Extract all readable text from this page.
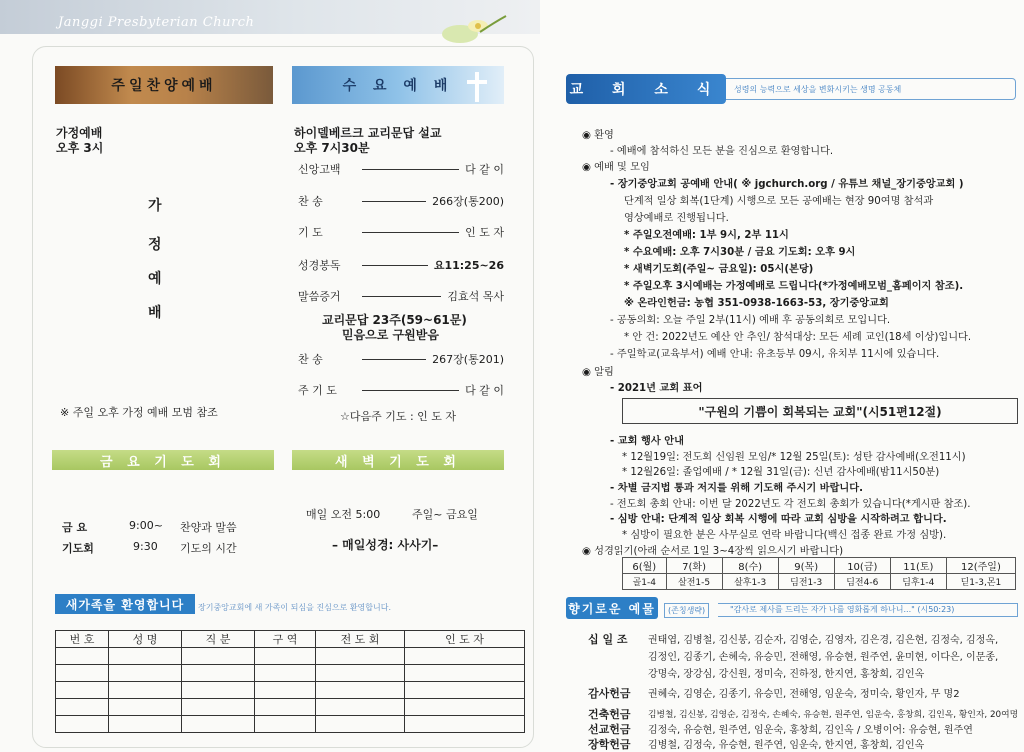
Janggi Presbyterian Church
주일찬양예배
가정예배
오후 3시
가
정
예
배
※ 주일 오후 가정 예배 모범 참조
수 요 예 배
하이델베르크 교리문답 설교
오후 7시30분
신앙고백	다 같 이
찬 송	266장(통200)
기 도	인 도 자
성경봉독	요11:25~26
말씀증거	김효석 목사
교리문답 23주(59~61문)
믿음으로 구원받음
찬 송	267장(통201)
주 기 도	다 같 이
☆다음주 기도 : 인 도 자
금 요 기 도 회
금 요	9:00~ 찬양과 말씀
기도회	9:30 기도의 시간
새 벽 기 도 회
매일 오전 5:00	주일~ 금요일
– 매일성경: 사사기–
새가족을 환영합니다	장기중앙교회에 새 가족이 되심을 진심으로 환영합니다.
번 호	성 명	직 분	구 역	전 도 회	인 도 자

교 회 소 식	성령의 능력으로 세상을 변화시키는 생명 공동체
◉ 환영
- 예배에 참석하신 모든 분을 진심으로 환영합니다.
◉ 예배 및 모임
- 장기중앙교회 공예배 안내( ※ jgchurch.org / 유튜브 채널_장기중앙교회 )
단계적 일상 회복(1단계) 시행으로 모든 공예배는 현장 90여명 참석과
영상예배로 진행됩니다.
* 주일오전예배: 1부 9시, 2부 11시
* 수요예배: 오후 7시30분 / 금요 기도회: 오후 9시
* 새벽기도회(주일~ 금요일): 05시(본당)
* 주일오후 3시예배는 가정예배로 드립니다(*가정예배모범_홈페이지 참조).
※ 온라인헌금: 농협 351-0938-1663-53, 장기중앙교회
- 공동의회: 오늘 주일 2부(11시) 예배 후 공동의회로 모입니다.
* 안 건: 2022년도 예산 안 추인/ 참석대상: 모든 세례 교인(18세 이상)입니다.
- 주일학교(교육부서) 예배 안내: 유초등부 09시, 유치부 11시에 있습니다.
◉ 알림
- 2021년 교회 표어
"구원의 기쁨이 회복되는 교회"(시51편12절)
- 교회 행사 안내
* 12월19일: 전도회 신임원 모임/* 12월 25일(토): 성탄 감사예배(오전11시)
* 12월26일: 졸업예배 / * 12월 31일(금): 신년 감사예배(밤11시50분)
- 차별 금지법 통과 저지를 위해 기도해 주시기 바랍니다.
- 전도회 총회 안내: 이번 달 2022년도 각 전도회 총회가 있습니다(*게시판 참조).
- 심방 안내: 단계적 일상 회복 시행에 따라 교회 심방을 시작하려고 합니다.
* 심방이 필요한 분은 사무실로 연락 바랍니다(백신 접종 완료 가정 심방).
◉ 성경읽기(아래 순서로 1일 3~4장씩 읽으시기 바랍니다)
6(월)	7(화)	8(수)	9(목)	10(금)	11(토)	12(주일)
골1-4	살전1-5	살후1-3	딤전1-3	딤전4-6	딤후1-4	딛1-3,몬1
향기로운 예물	(존칭생략)	"감사로 제사를 드리는 자가 나를 영화롭게 하나니..." (시50:23)
십 일 조 권태엽, 김병철, 김신봉, 김순자, 김영순, 김영자, 김은경, 김은현, 김정숙, 김정옥,
김정인, 김종기, 손혜숙, 유승민, 전해영, 유승현, 원주연, 윤미현, 이다은, 이문종,
강명숙, 장강심, 강신원, 정미숙, 진하정, 한지연, 홍창희, 김인옥
감사헌금 권혜숙, 김영순, 김종기, 유승민, 전해영, 임운숙, 정미숙, 황인자, 무 명2
건축헌금 김병철, 김신봉, 김영순, 김정숙, 손혜숙, 유승현, 원주연, 임운숙, 홍창희, 김인옥, 황인자, 20여명
선교헌금 김정숙, 유승현, 원주연, 임운숙, 홍창희, 김인옥 / 오병이어: 유승현, 원주연
장학헌금 김병철, 김정숙, 유승현, 원주연, 임운숙, 한지연, 홍창희, 김인옥
